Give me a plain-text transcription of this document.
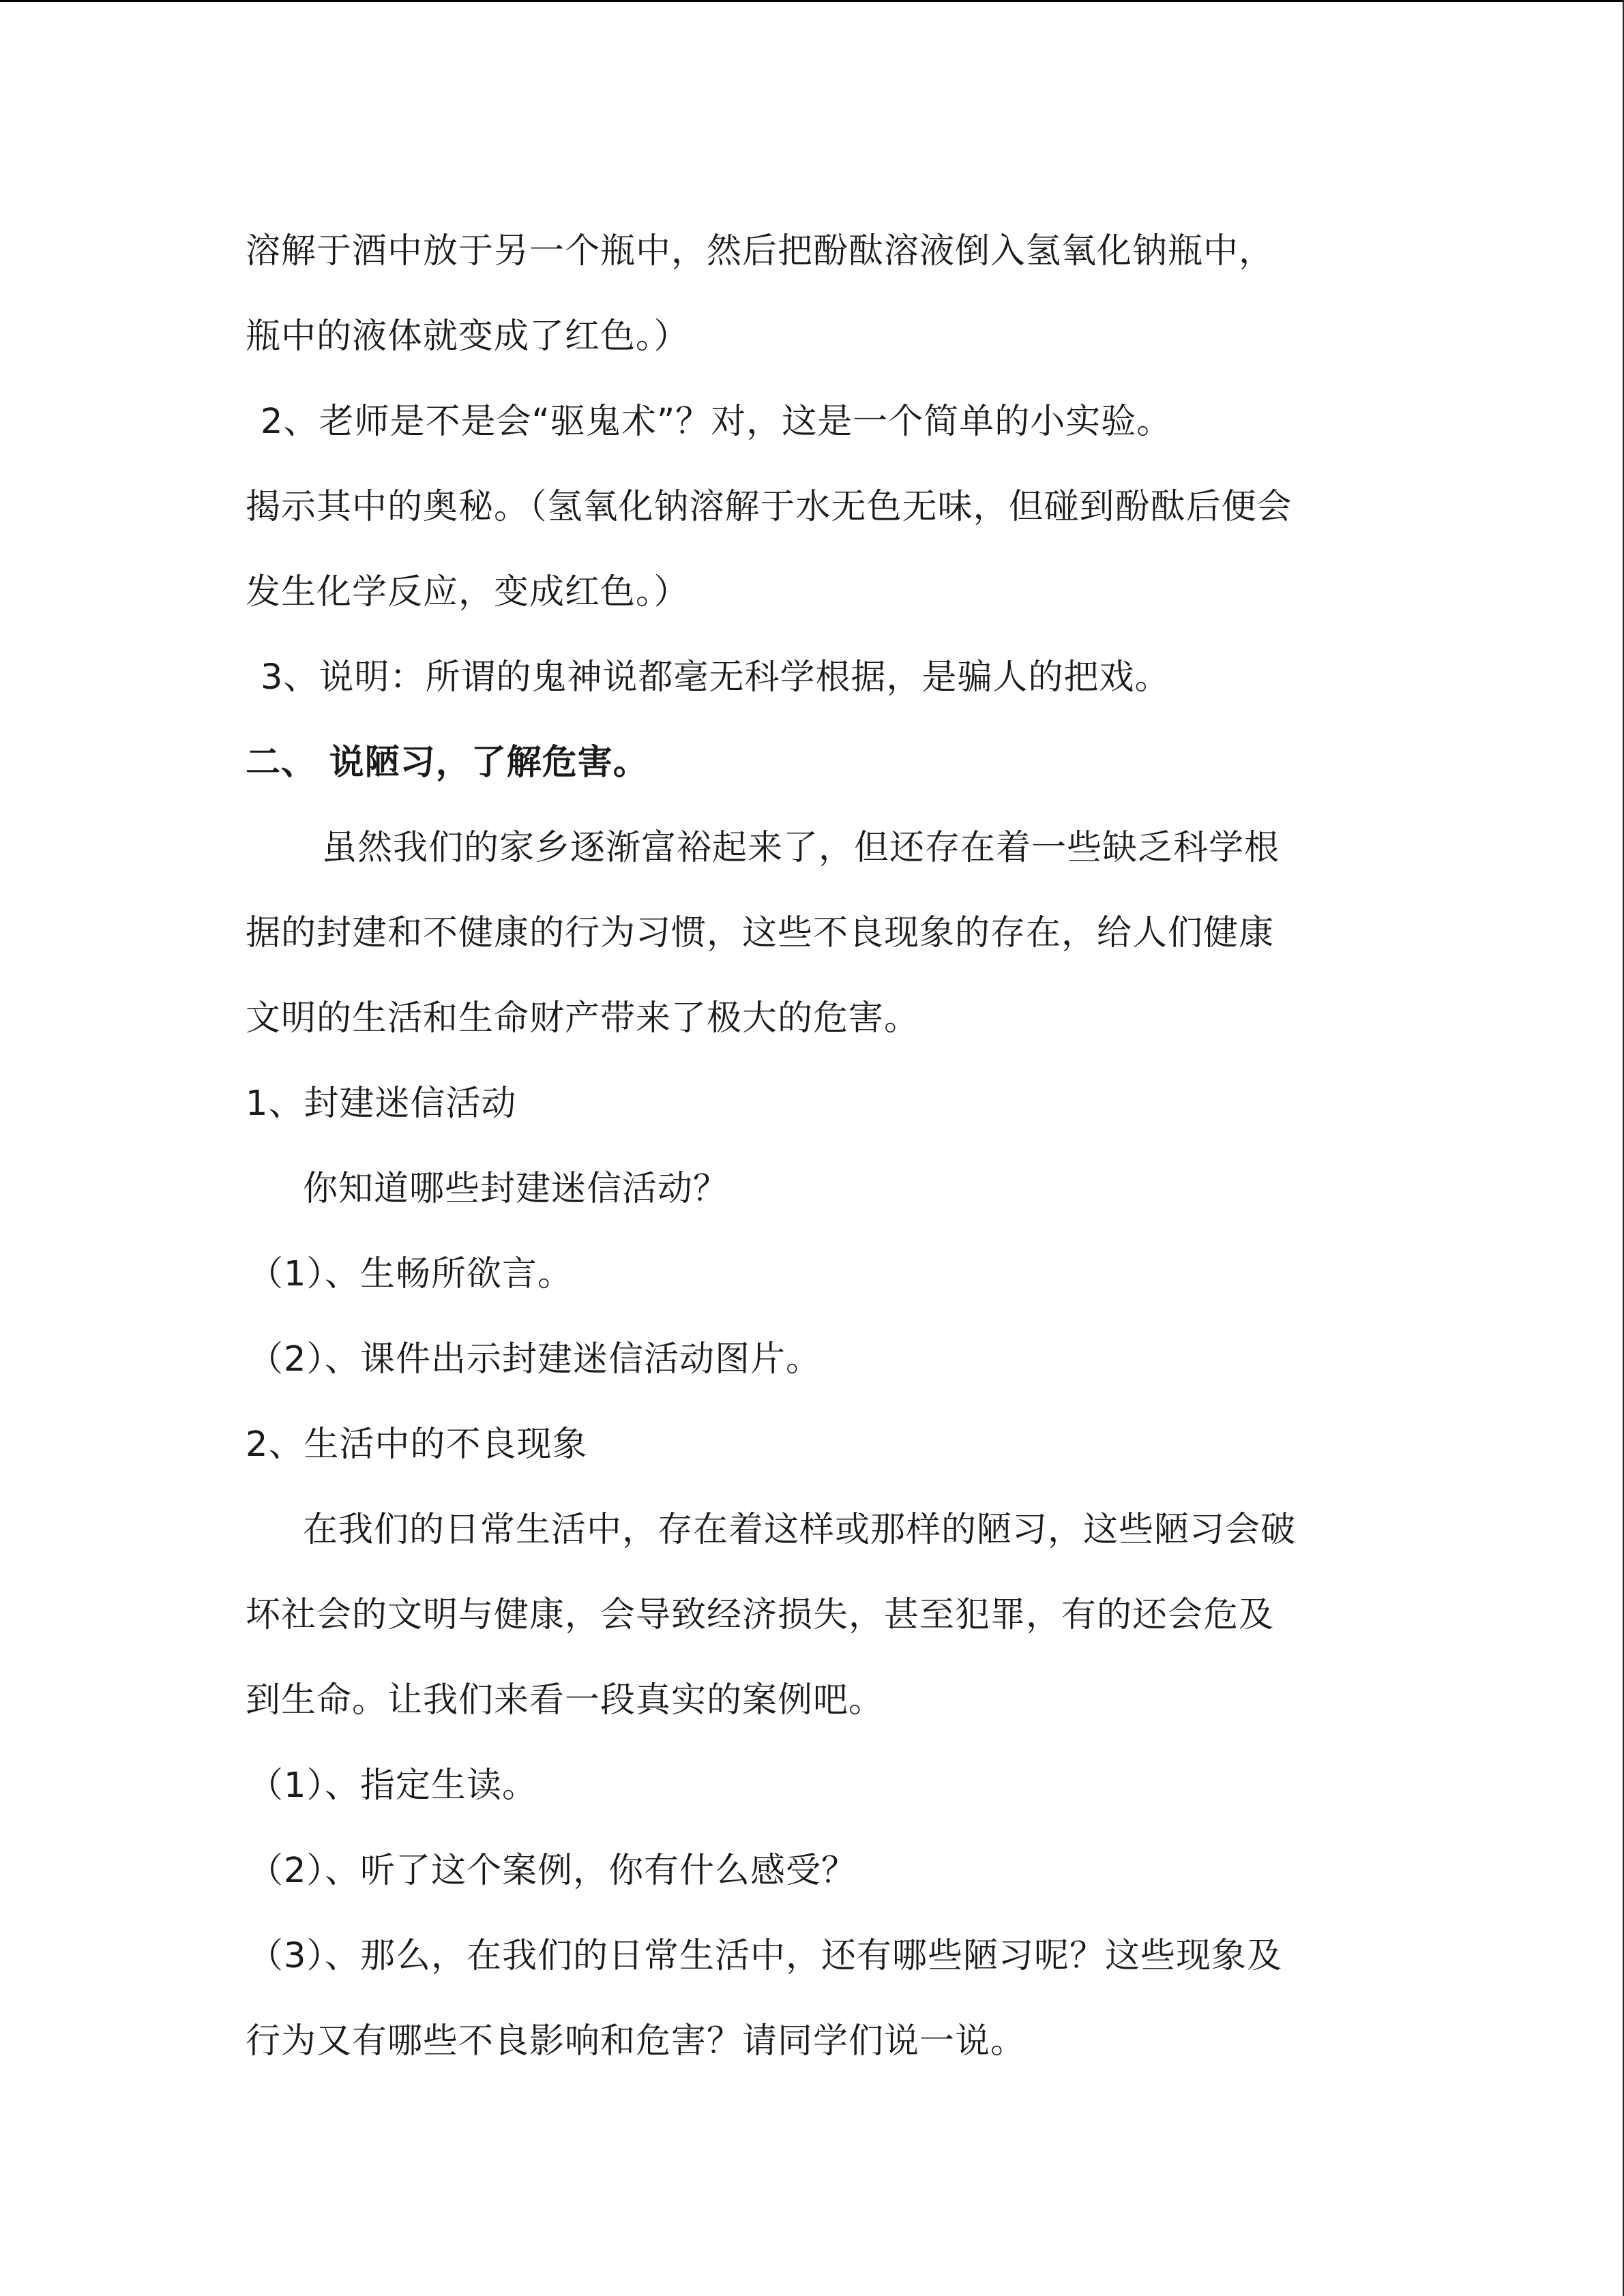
溶解于酒中放于另一个瓶中，然后把酚酞溶液倒入氢氧化钠瓶中，
瓶中的液体就变成了红色。）
2、老师是不是会“驱鬼术”？对，这是一个简单的小实验。
揭示其中的奥秘。（氢氧化钠溶解于水无色无味，但碰到酚酞后便会
发生化学反应，变成红色。）
3、说明：所谓的鬼神说都毫无科学根据，是骗人的把戏。
二、 说陋习，了解危害。
虽然我们的家乡逐渐富裕起来了，但还存在着一些缺乏科学根
据的封建和不健康的行为习惯，这些不良现象的存在，给人们健康
文明的生活和生命财产带来了极大的危害。
1、封建迷信活动
你知道哪些封建迷信活动？
（1）、生畅所欲言。
（2）、课件出示封建迷信活动图片。
2、生活中的不良现象
在我们的日常生活中，存在着这样或那样的陋习，这些陋习会破
坏社会的文明与健康，会导致经济损失，甚至犯罪，有的还会危及
到生命。让我们来看一段真实的案例吧。
（1）、指定生读。
（2）、听了这个案例，你有什么感受？
（3）、那么，在我们的日常生活中，还有哪些陋习呢？这些现象及
行为又有哪些不良影响和危害？请同学们说一说。
